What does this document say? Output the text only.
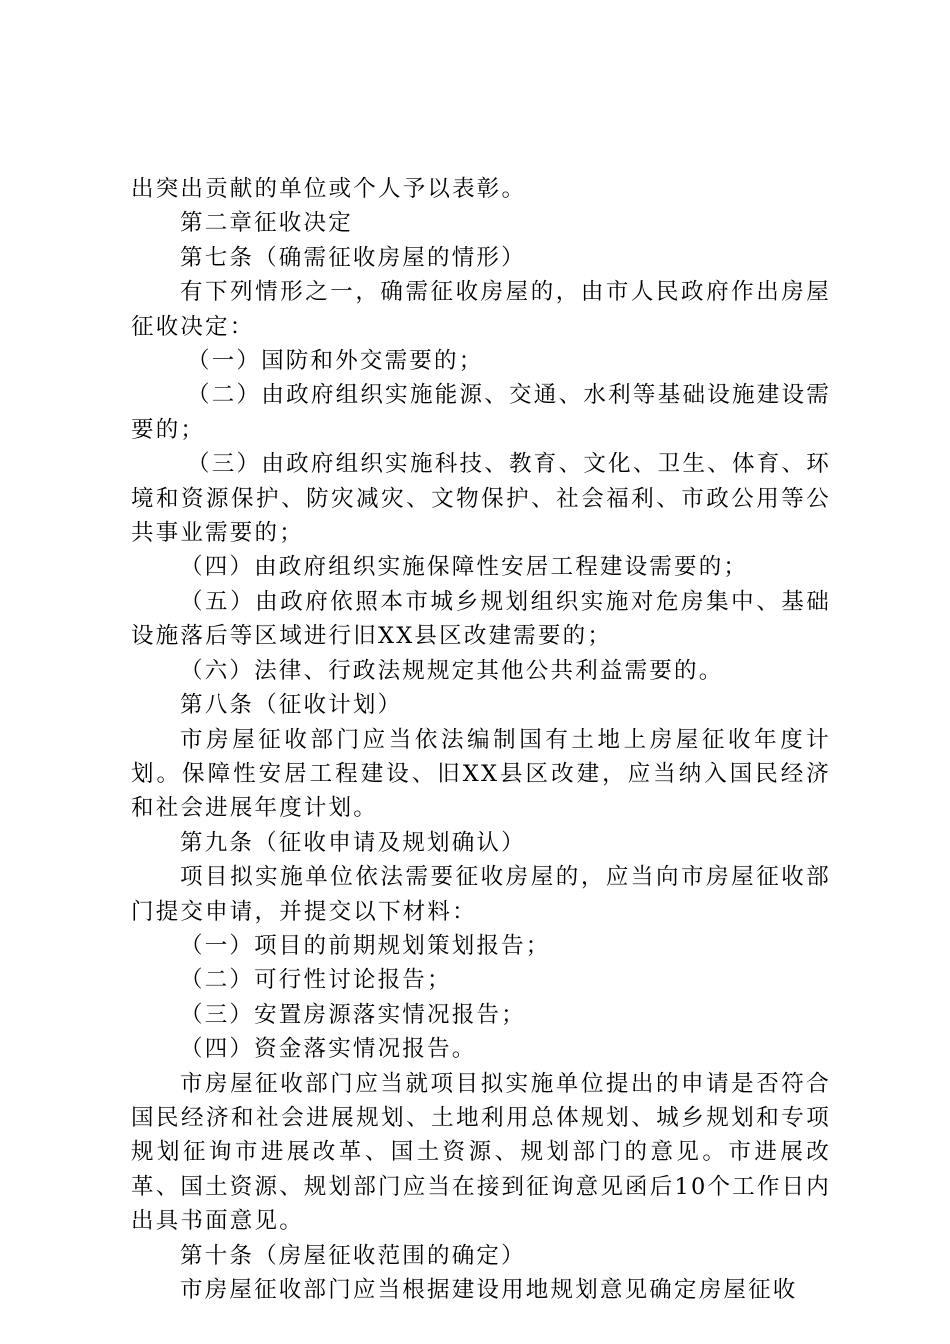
出突出贡献的单位或个人予以表彰。

第二章征收决定

第七条（确需征收房屋的情形）

有下列情形之一，确需征收房屋的，由市人民政府作出房屋征收决定：

（一）国防和外交需要的；

（二）由政府组织实施能源、交通、水利等基础设施建设需要的；

（三）由政府组织实施科技、教育、文化、卫生、体育、环境和资源保护、防灾减灾、文物保护、社会福利、市政公用等公共事业需要的；

（四）由政府组织实施保障性安居工程建设需要的；

（五）由政府依照本市城乡规划组织实施对危房集中、基础设施落后等区域进行旧XX县区改建需要的；

（六）法律、行政法规规定其他公共利益需要的。

第八条（征收计划）

市房屋征收部门应当依法编制国有土地上房屋征收年度计划。保障性安居工程建设、旧XX县区改建，应当纳入国民经济和社会进展年度计划。

第九条（征收申请及规划确认）

项目拟实施单位依法需要征收房屋的，应当向市房屋征收部门提交申请，并提交以下材料：

（一）项目的前期规划策划报告；

（二）可行性讨论报告；

（三）安置房源落实情况报告；

（四）资金落实情况报告。

市房屋征收部门应当就项目拟实施单位提出的申请是否符合国民经济和社会进展规划、土地利用总体规划、城乡规划和专项规划征询市进展改革、国土资源、规划部门的意见。市进展改革、国土资源、规划部门应当在接到征询意见函后10个工作日内出具书面意见。

第十条（房屋征收范围的确定）

市房屋征收部门应当根据建设用地规划意见确定房屋征收
